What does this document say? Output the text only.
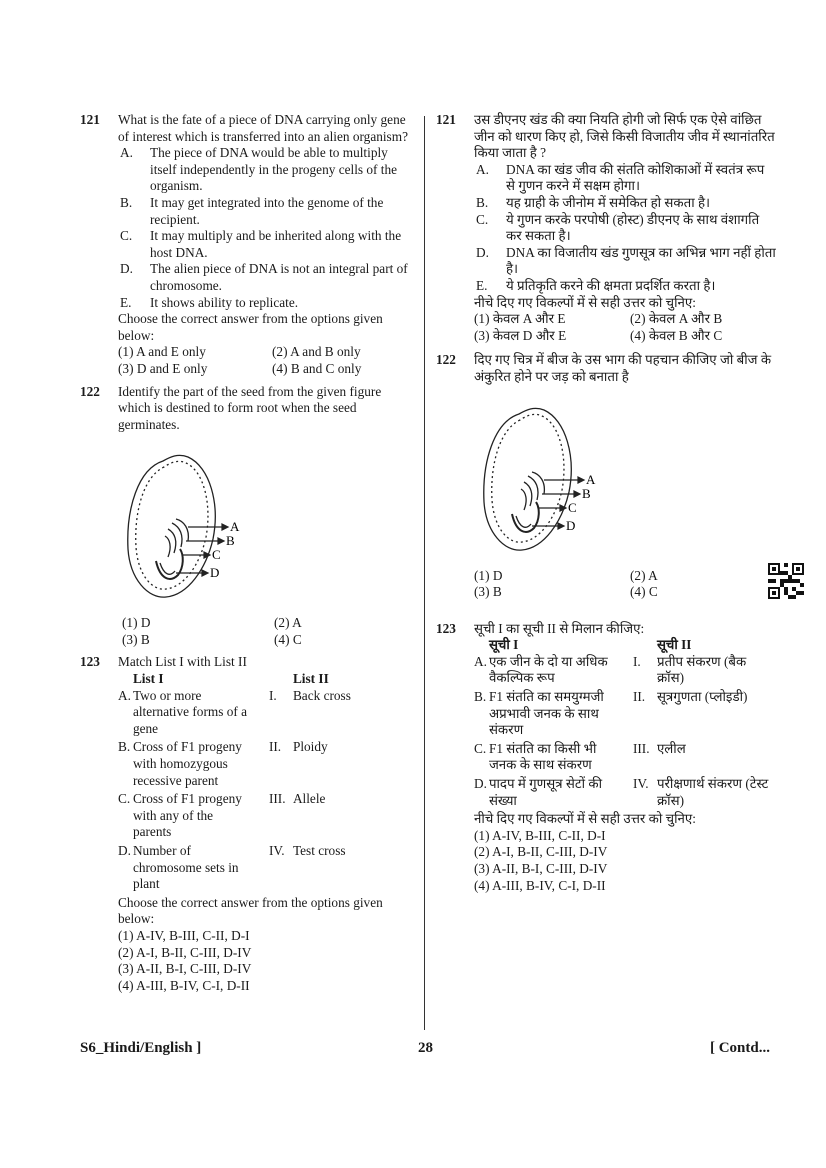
121 What is the fate of a piece of DNA carrying only gene of interest which is transferred into an alien organism?
A. The piece of DNA would be able to multiply itself independently in the progeny cells of the organism.
B. It may get integrated into the genome of the recipient.
C. It may multiply and be inherited along with the host DNA.
D. The alien piece of DNA is not an integral part of chromosome.
E. It shows ability to replicate.
Choose the correct answer from the options given below:
(1) A and E only	(2) A and B only
(3) D and E only	(4) B and C only
122 Identify the part of the seed from the given figure which is destined to form root when the seed germinates.
A
B
C
D
(1) D	(2) A
(3) B	(4) C
123 Match List I with List II
	List I		List II
A.	Two or more alternative forms of a gene	I.	Back cross
B.	Cross of F1 progeny with homozygous recessive parent	II.	Ploidy
C.	Cross of F1 progeny with any of the parents	III.	Allele
D.	Number of chromosome sets in plant	IV.	Test cross
Choose the correct answer from the options given below:
(1) A-IV, B-III, C-II, D-I
(2) A-I, B-II, C-III, D-IV
(3) A-II, B-I, C-III, D-IV
(4) A-III, B-IV, C-I, D-II
121 उस डीएनए खंड की क्या नियति होगी जो सिर्फ एक ऐसे वांछित जीन को धारण किए हो, जिसे किसी विजातीय जीव में स्थानांतरित किया जाता है ?
A. DNA का खंड जीव की संतति कोशिकाओं में स्वतंत्र रूप से गुणन करने में सक्षम होगा।
B. यह ग्राही के जीनोम में समेकित हो सकता है।
C. ये गुणन करके परपोषी (होस्ट) डीएनए के साथ वंशागति कर सकता है।
D. DNA का विजातीय खंड गुणसूत्र का अभिन्न भाग नहीं होता है।
E. ये प्रतिकृति करने की क्षमता प्रदर्शित करता है।
नीचे दिए गए विकल्पों में से सही उत्तर को चुनिए:
(1) केवल A और E	(2) केवल A और B
(3) केवल D और E	(4) केवल B और C
122 दिए गए चित्र में बीज के उस भाग की पहचान कीजिए जो बीज के अंकुरित होने पर जड़ को बनाता है
A
B
C
D
(1) D	(2) A
(3) B	(4) C
123 सूची I का सूची II से मिलान कीजिए:
	सूची I		सूची II
A.	एक जीन के दो या अधिक वैकल्पिक रूप	I.	प्रतीप संकरण (बैक क्रॉस)
B.	F1 संतति का समयुग्मजी अप्रभावी जनक के साथ संकरण	II.	सूत्रगुणता (प्लोइडी)
C.	F1 संतति का किसी भी जनक के साथ संकरण	III.	एलील
D.	पादप में गुणसूत्र सेटों की संख्या	IV.	परीक्षणार्थ संकरण (टेस्ट क्रॉस)
नीचे दिए गए विकल्पों में से सही उत्तर को चुनिए:
(1) A-IV, B-III, C-II, D-I
(2) A-I, B-II, C-III, D-IV
(3) A-II, B-I, C-III, D-IV
(4) A-III, B-IV, C-I, D-II
S6_Hindi/English ]	28	[ Contd...
